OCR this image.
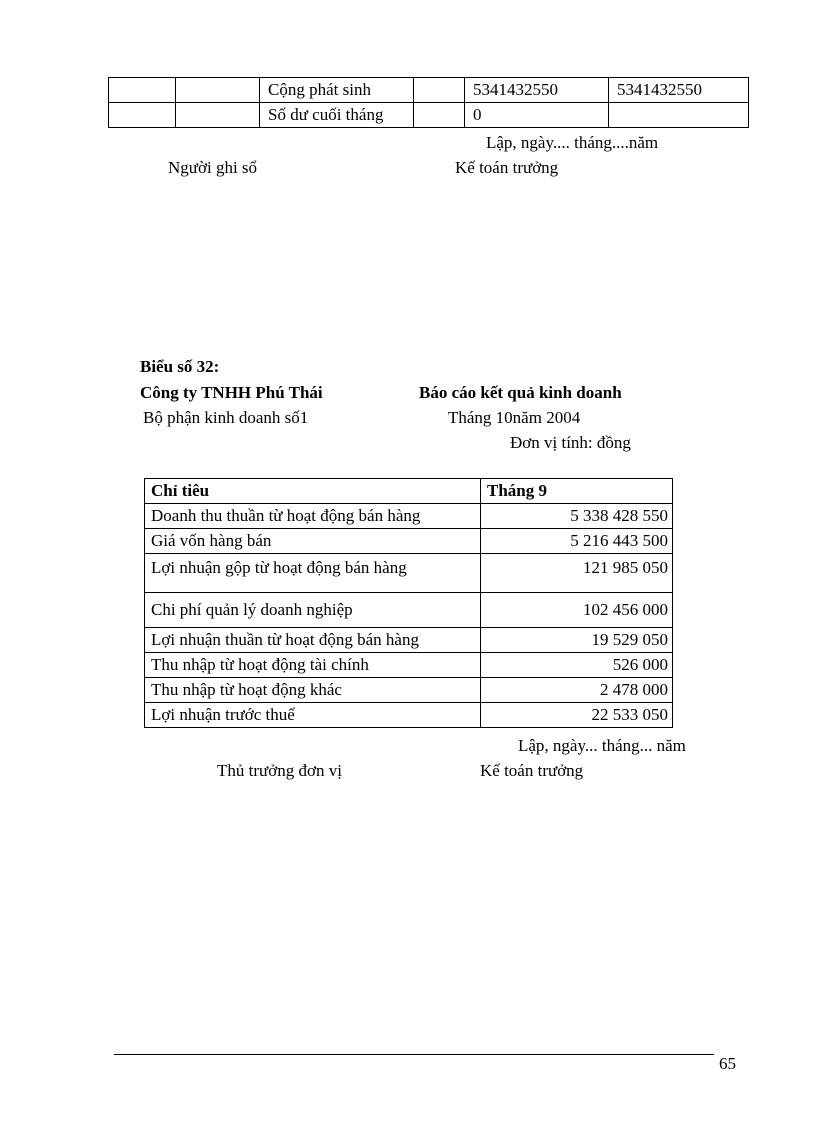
		Cộng phát sinh		5341432550	5341432550
		Số dư cuối tháng		0	
Lập, ngày.... tháng....năm
Người ghi sổ	Kế toán trưởng
Biểu số 32:
Công ty TNHH Phú Thái	Báo cáo kết quả kinh doanh
Bộ phận kinh doanh số1	Tháng 10năm 2004
Đơn vị tính: đồng
Chỉ tiêu	Tháng 9
Doanh thu thuần từ hoạt động bán hàng	5 338 428 550
Giá vốn hàng bán	5 216 443 500
Lợi nhuận gộp từ hoạt động bán hàng	121 985 050
Chi phí quản lý doanh nghiệp	102 456 000
Lợi nhuận thuần từ hoạt động bán hàng	19 529 050
Thu nhập từ hoạt động tài chính	526 000
Thu nhập từ hoạt động khác	2 478 000
Lợi nhuận trước thuế	22 533 050
Lập, ngày... tháng... năm
Thủ trưởng đơn vị	Kế toán trưởng
65
